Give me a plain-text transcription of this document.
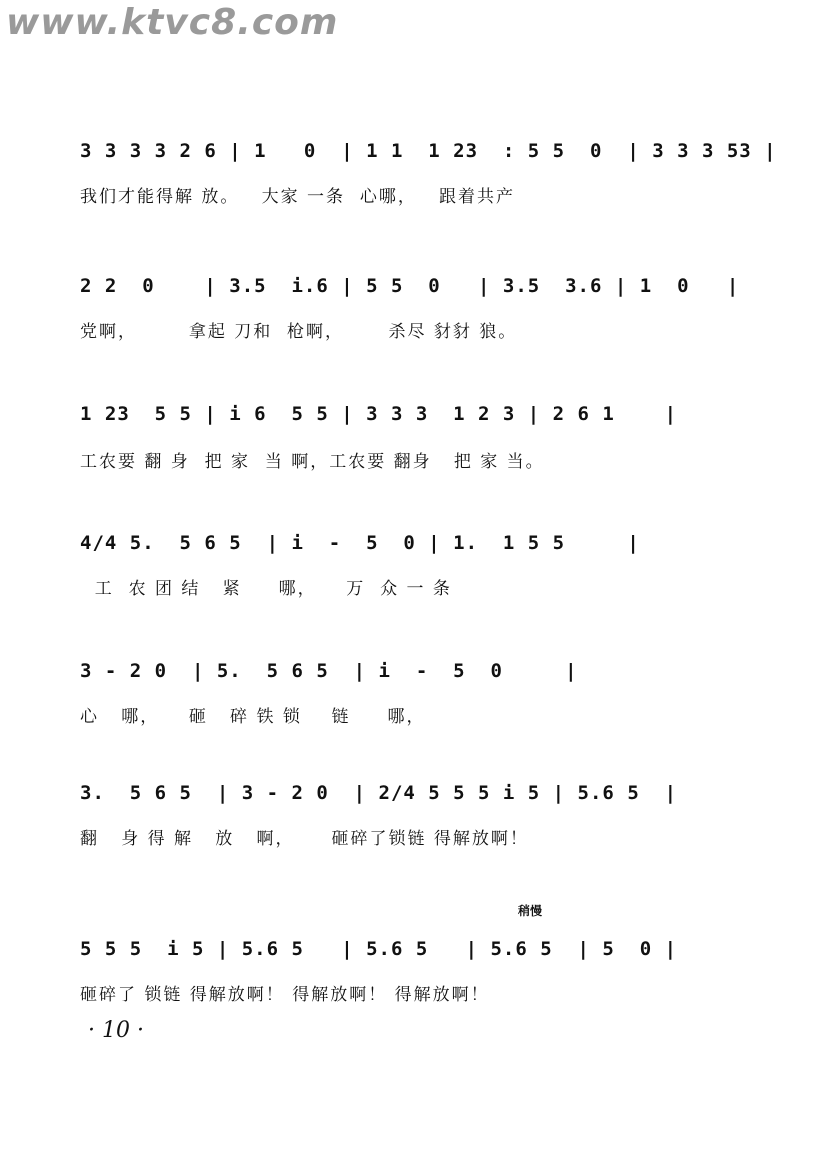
www.ktvc8.com
3 3 3 3 2 6 | 1   0  | 1 1  1 23  : 5 5  0  | 3 3 3 53 |
我们才能得解 放。   大家 一条  心哪，   跟着共产
2 2  0    | 3.5  i.6 | 5 5  0   | 3.5  3.6 | 1  0   |
党啊，       拿起 刀和  枪啊，      杀尽 豺豺 狼。
1 23  5 5 | i 6  5 5 | 3 3 3  1 2 3 | 2 6 1    |
工农要 翻 身  把 家  当 啊，工农要 翻身   把 家 当。
4/4 5.  5 6 5  | i  -  5  0 | 1.  1 5 5     |
工  农 团 结   紧     哪，    万  众 一 条
3 - 2 0  | 5.  5 6 5  | i  -  5  0     |
心   哪，    砸   碎 铁 锁    链     哪，
3.  5 6 5  | 3 - 2 0  | 2/4 5 5 5 i 5 | 5.6 5  |
翻   身 得 解   放   啊，     砸碎了锁链 得解放啊！
稍慢
5 5 5  i 5 | 5.6 5   | 5.6 5   | 5.6 5  | 5  0 |
砸碎了 锁链 得解放啊！ 得解放啊！ 得解放啊！
· 10 ·
